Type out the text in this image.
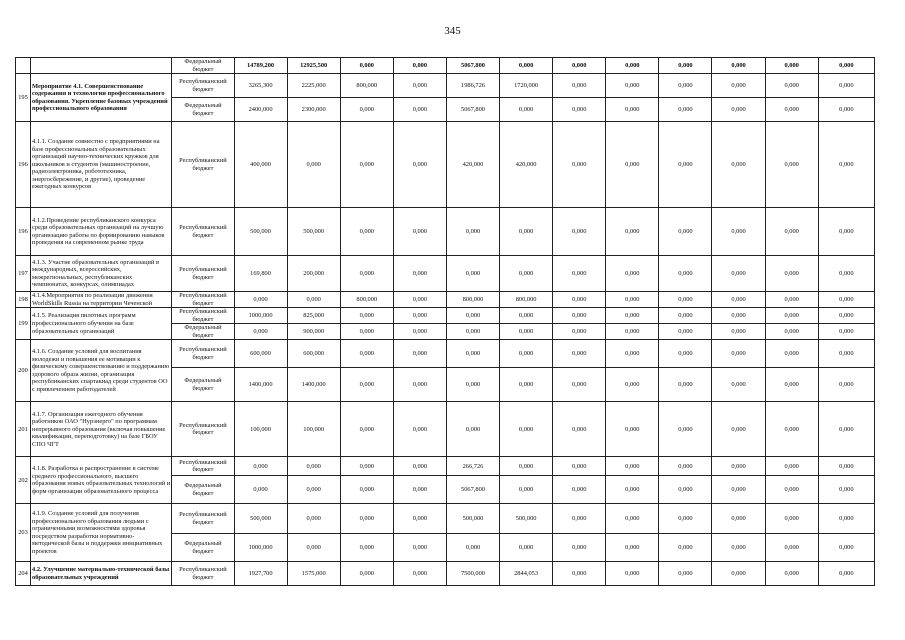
345
		Федеральный бюджет	14789,200	12925,500	0,000	0,000	5067,800	0,000	0,000	0,000	0,000	0,000	0,000	0,000
195	Мероприятие 4.1. Совершенствование содержания и технологии профессионального образования. Укрепление базовых учреждений профессионального образования	Республиканский бюджет	3265,300	2225,000	800,000	0,000	1986,726	1720,000	0,000	0,000	0,000	0,000	0,000	0,000
		Федеральный бюджет	2400,000	2300,000	0,000	0,000	5067,800	0,000	0,000	0,000	0,000	0,000	0,000	0,000
196	4.1.1. Создание совместно с предприятиями на базе профессиональных образовательных организаций научно-технических кружков для школьников и студентов (машиностроение, радиоэлектроника, робототехника, энергосбережение, и другие), проведение ежегодных конкурсов	Республиканский бюджет	400,000	0,000	0,000	0,000	420,000	420,000	0,000	0,000	0,000	0,000	0,000	0,000
196	4.1.2.Проведение республиканского конкурса среди образовательных организаций на лучшую организацию работы по формированию навыков проведения на современном рынке труда	Республиканский бюджет	500,000	500,000	0,000	0,000	0,000	0,000	0,000	0,000	0,000	0,000	0,000	0,000
197	4.1.3. Участие образовательных организаций в международных, всероссийских, межрегиональных, республиканских чемпионатах, конкурсах, олимпиадах	Республиканский бюджет	169,800	200,000	0,000	0,000	0,000	0,000	0,000	0,000	0,000	0,000	0,000	0,000
198	4.1.4.Мероприятия по реализации движения WorldSkills Russia на территории Чеченской	Республиканский бюджет	0,000	0,000	800,000	0,000	800,000	800,000	0,000	0,000	0,000	0,000	0,000	0,000
199	4.1.5. Реализация пилотных программ профессионального обучения на базе образовательных организаций	Республиканский бюджет	1000,000	825,000	0,000	0,000	0,000	0,000	0,000	0,000	0,000	0,000	0,000	0,000
		Федеральный бюджет	0,000	900,000	0,000	0,000	0,000	0,000	0,000	0,000	0,000	0,000	0,000	0,000
200	4.1.6. Создание условий для воспитания молодежи и повышения ее мотивации к физическому совершенствованию и поддержанию здорового образа жизни, организация республиканских спартакиад среди студентов ОО с привлечением работодателей	Республиканский бюджет	600,000	600,000	0,000	0,000	0,000	0,000	0,000	0,000	0,000	0,000	0,000	0,000
		Федеральный бюджет	1400,000	1400,000	0,000	0,000	0,000	0,000	0,000	0,000	0,000	0,000	0,000	0,000
201	4.1.7. Организация ежегодного обучения работников ОАО "Нурэнерго" по программам непрерывного образования (включая повышение квалификации, переподготовку) на базе ГБОУ СПО ЧГТ	Республиканский бюджет	100,000	100,000	0,000	0,000	0,000	0,000	0,000	0,000	0,000	0,000	0,000	0,000
202	4.1.8. Разработка и распространение в системе среднего профессионального, высшего образования новых образовательных технологий и форм организации образовательного процесса	Республиканский бюджет	0,000	0,000	0,000	0,000	266,726	0,000	0,000	0,000	0,000	0,000	0,000	0,000
		Федеральный бюджет	0,000	0,000	0,000	0,000	5067,800	0,000	0,000	0,000	0,000	0,000	0,000	0,000
203	4.1.9. Создание условий для получения профессионального образования людьми с ограниченными возможностями здоровья посредством разработки нормативно-методической базы и поддержки инициативных проектов	Республиканский бюджет	500,000	0,000	0,000	0,000	500,000	500,000	0,000	0,000	0,000	0,000	0,000	0,000
		Федеральный бюджет	1000,000	0,000	0,000	0,000	0,000	0,000	0,000	0,000	0,000	0,000	0,000	0,000
204	4.2. Улучшение материально-технической базы образовательных учреждений	Республиканский бюджет	1927,700	1575,000	0,000	0,000	7500,000	2844,053	0,000	0,000	0,000	0,000	0,000	0,000
